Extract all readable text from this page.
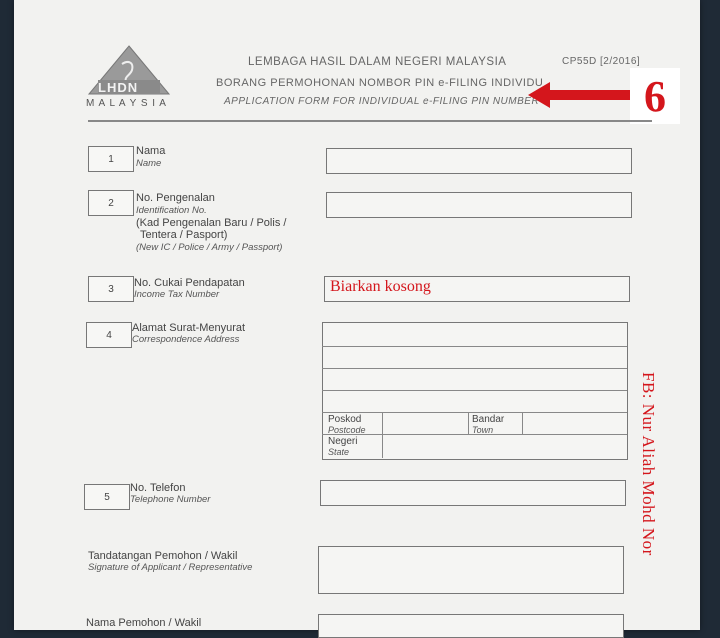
LHDN
M A L A Y S I A
LEMBAGA HASIL DALAM NEGERI MALAYSIA
BORANG PERMOHONAN NOMBOR PIN e-FILING INDIVIDU
APPLICATION FORM FOR INDIVIDUAL e-FILING PIN NUMBER
CP55D [2/2016]
6
1
Nama
Name
2 No. Pengenalan
Identification No.
(Kad Pengenalan Baru / Polis /
Tentera / Pasport)
(New IC / Police / Army / Passport)
3 No. Cukai Pendapatan
Income Tax Number	Biarkan kosong
4
Alamat Surat-Menyurat
Correspondence Address
Poskod
Postcode
Bandar
Town
Negeri
State
5
No. Telefon
Telephone Number
Tandatangan Pemohon / Wakil
Signature of Applicant / Representative
Nama Pemohon / Wakil
FB: Nur Aliah Mohd Nor
